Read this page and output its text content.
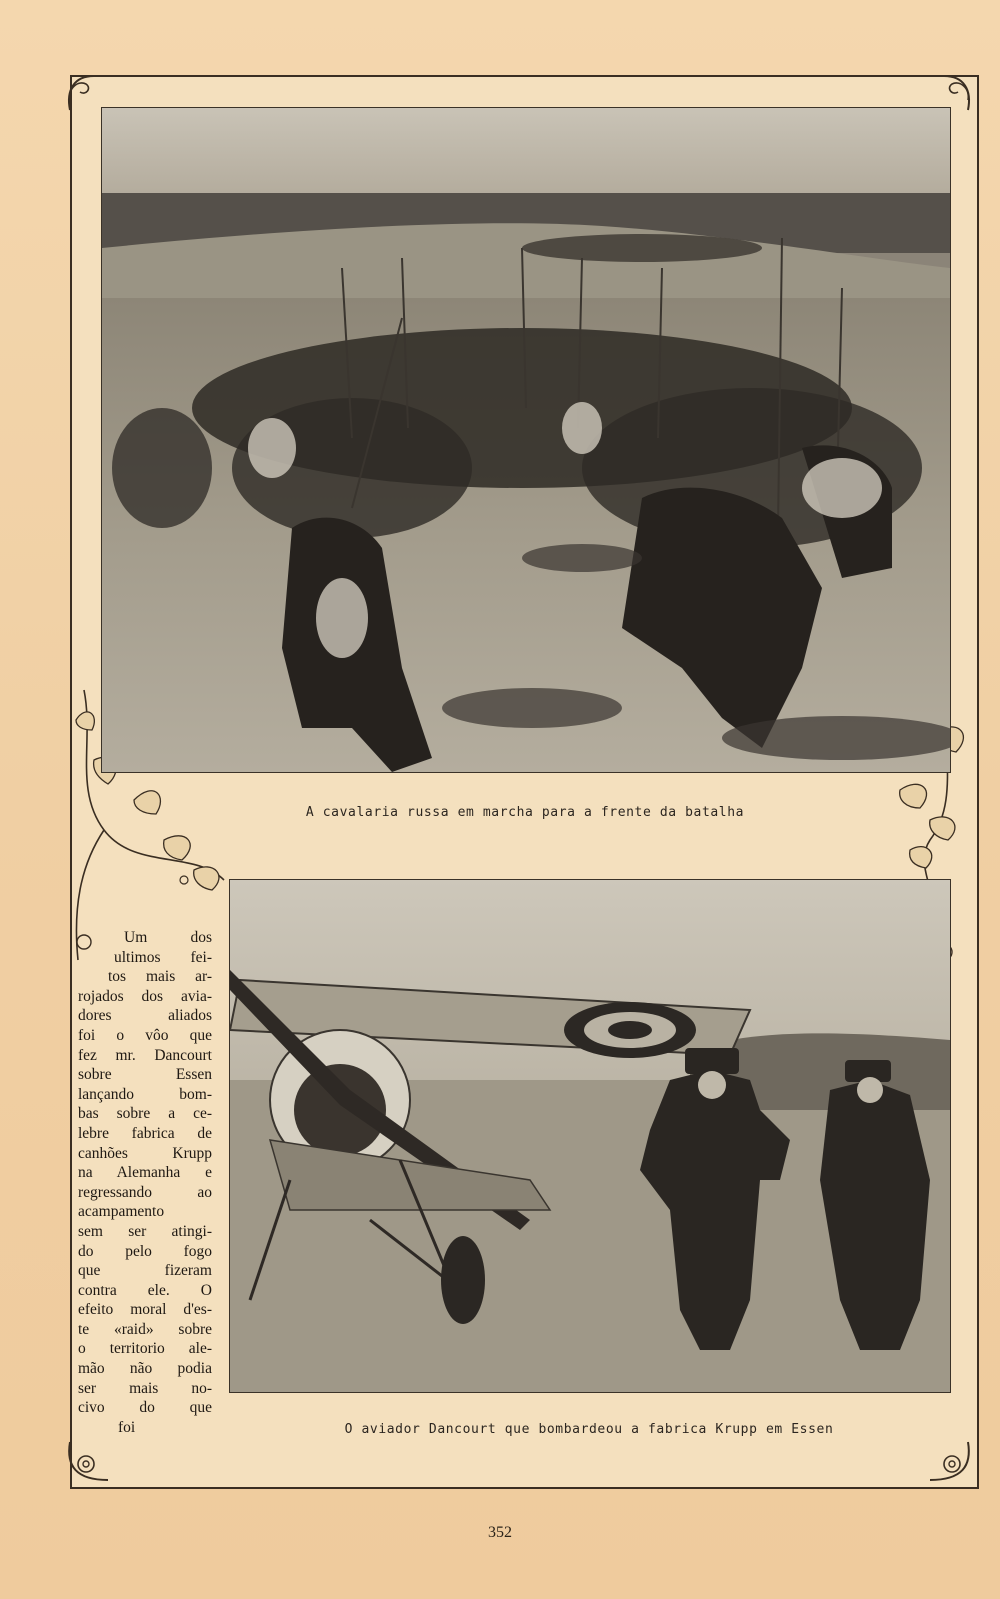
A cavalaria russa em marcha para a frente da batalha
O aviador Dancourt que bombardeou a fabrica Krupp em Essen
Um dos
ultimos fei-
tos mais ar-
rojados dos avia-
dores aliados
foi o vôo que
fez mr. Dancourt
sobre Essen
lançando bom-
bas sobre a ce-
lebre fabrica de
canhões Krupp
na Alemanha e
regressando ao
acampamento
sem ser atingi-
do pelo fogo
que fizeram
contra ele. O
efeito moral d'es-
te «raid» sobre
o territorio ale-
mão não podia
ser mais no-
civo do que
foi
352
